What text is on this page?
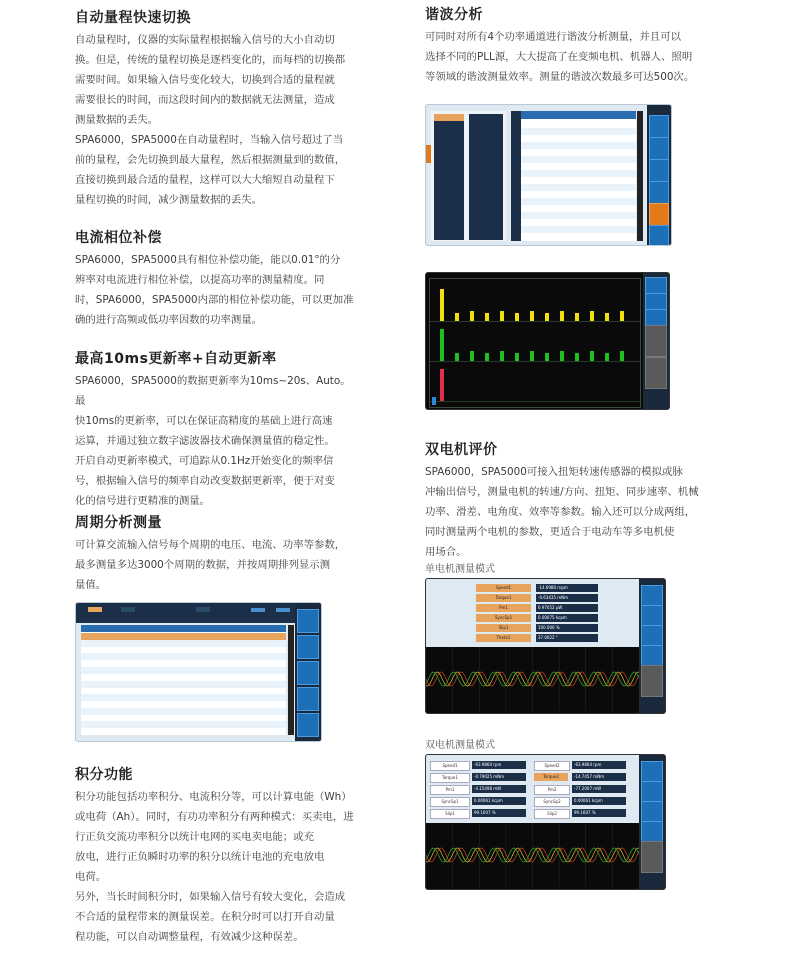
自动量程快速切换
自动量程时，仪器的实际量程根据输入信号的大小自动切
换。但是，传统的量程切换是逐档变化的，而每档的切换都
需要时间。如果输入信号变化较大，切换到合适的量程就
需要很长的时间，而这段时间内的数据就无法测量，造成
测量数据的丢失。
SPA6000，SPA5000在自动量程时，当输入信号超过了当
前的量程，会先切换到最大量程，然后根据测量到的数值，
直接切换到最合适的量程，这样可以大大缩短自动量程下
量程切换的时间，减少测量数据的丢失。
电流相位补偿
SPA6000，SPA5000具有相位补偿功能，能以0.01°的分
辨率对电流进行相位补偿，以提高功率的测量精度。同
时，SPA6000，SPA5000内部的相位补偿功能，可以更加准
确的进行高频或低功率因数的功率测量。
最高10ms更新率+自动更新率
SPA6000，SPA5000的数据更新率为10ms~20s、Auto。最
快10ms的更新率，可以在保证高精度的基础上进行高速
运算，并通过独立数字滤波器技术确保测量值的稳定性。
开启自动更新率模式，可追踪从0.1Hz开始变化的频率信
号，根据输入信号的频率自动改变数据更新率，便于对变
化的信号进行更精准的测量。
周期分析测量
可计算交流输入信号每个周期的电压、电流、功率等参数，
最多测量多达3000个周期的数据，并按周期排列显示测
量值。
积分功能
积分功能包括功率积分、电流积分等，可以计算电能（Wh）
或电荷（Ah）。同时，有功功率积分有两种模式：买卖电，进
行正负交流功率积分以统计电网的买电卖电能；或充
放电，进行正负瞬时功率的积分以统计电池的充电放电
电荷。
另外，当长时间积分时，如果输入信号有较大变化，会造成
不合适的量程带来的测量误差。在积分时可以打开自动量
程功能，可以自动调整量程，有效减少这种误差。
谐波分析
可同时对所有4个功率通道进行谐波分析测量，并且可以
选择不同的PLL源，大大提高了在变频电机、机器人、照明
等领域的谐波测量效率。测量的谐波次数最多可达500次。
双电机评价
SPA6000，SPA5000可接入扭矩转速传感器的模拟或脉
冲输出信号，测量电机的转速/方向、扭矩、同步速率、机械
功率、滑差、电角度、效率等参数。输入还可以分成两组，
同时测量两个电机的参数，更适合于电动车等多电机使
用场合。
单电机测量模式
Speed1	-14.6980 rnpm
Torque1	-0.63435 mNm
Pm1	0.97052 µW
SyncSp1	0.00075 kcpm
Slip1	100.000 %
Theta1	37.0022 °
双电机测量模式
Speed1	-63.9860 rpm	Speed2	-63.9864 rpm
Torque1	-0.79025 mNm	Torque2	-14.7457 mNm
Pm1	-4.15498 mW	Pm2	-77.2007 mW
SyncSp1	0.00061 kcpm	SyncSp2	0.00061 kcpm
Slip1	99.1607 %	Slip2	99.1607 %
